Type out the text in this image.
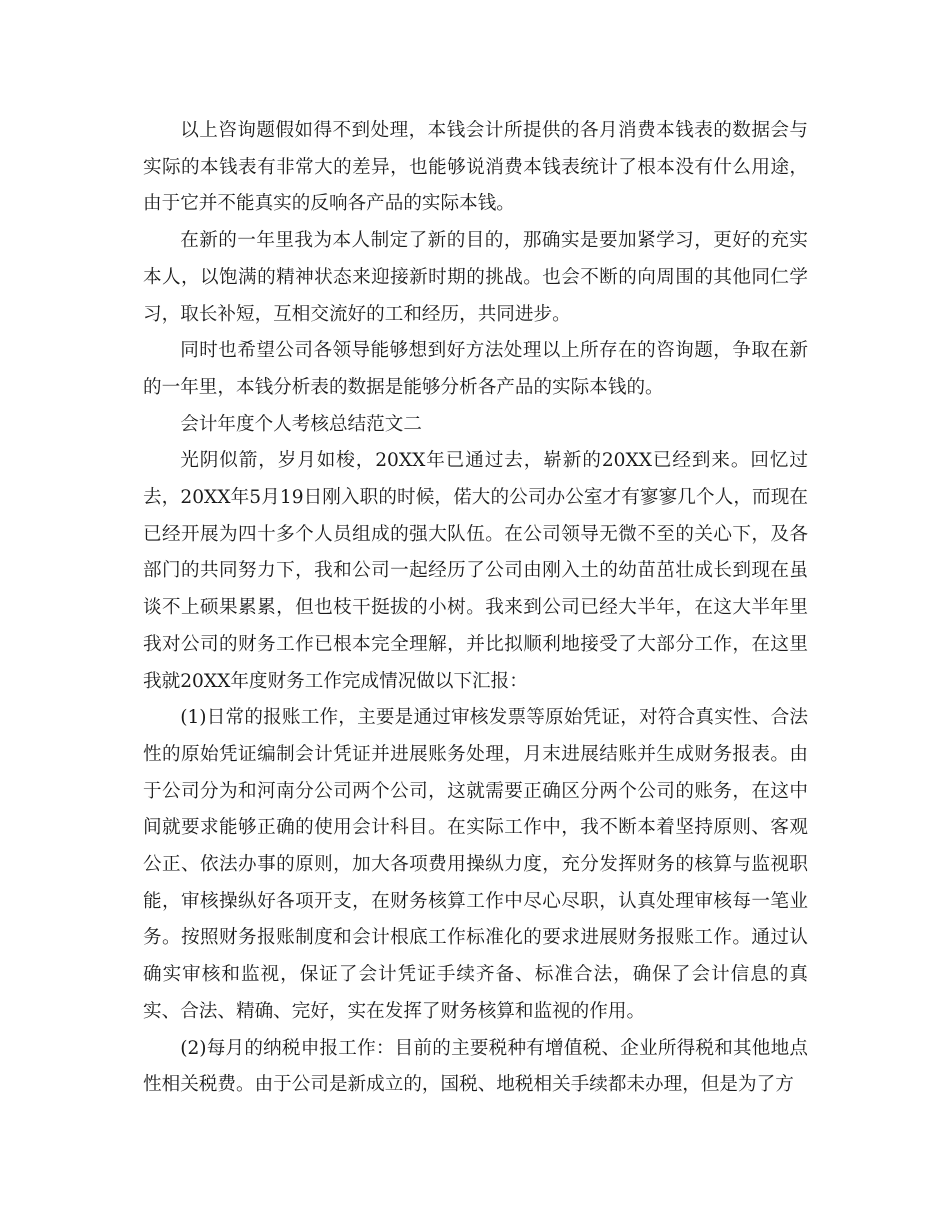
以上咨询题假如得不到处理，本钱会计所提供的各月消费本钱表的数据会与实际的本钱表有非常大的差异，也能够说消费本钱表统计了根本没有什么用途，由于它并不能真实的反响各产品的实际本钱。

在新的一年里我为本人制定了新的目的，那确实是要加紧学习，更好的充实本人，以饱满的精神状态来迎接新时期的挑战。也会不断的向周围的其他同仁学习，取长补短，互相交流好的工和经历，共同进步。

同时也希望公司各领导能够想到好方法处理以上所存在的咨询题，争取在新的一年里，本钱分析表的数据是能够分析各产品的实际本钱的。

会计年度个人考核总结范文二

光阴似箭，岁月如梭，20XX年已通过去，崭新的20XX已经到来。回忆过去，20XX年5月19日刚入职的时候，偌大的公司办公室才有寥寥几个人，而现在已经开展为四十多个人员组成的强大队伍。在公司领导无微不至的关心下，及各部门的共同努力下，我和公司一起经历了公司由刚入土的幼苗茁壮成长到现在虽谈不上硕果累累，但也枝干挺拔的小树。我来到公司已经大半年，在这大半年里我对公司的财务工作已根本完全理解，并比拟顺利地接受了大部分工作，在这里我就20XX年度财务工作完成情况做以下汇报：

(1)日常的报账工作，主要是通过审核发票等原始凭证，对符合真实性、合法性的原始凭证编制会计凭证并进展账务处理，月末进展结账并生成财务报表。由于公司分为和河南分公司两个公司，这就需要正确区分两个公司的账务，在这中间就要求能够正确的使用会计科目。在实际工作中，我不断本着坚持原则、客观公正、依法办事的原则，加大各项费用操纵力度，充分发挥财务的核算与监视职能，审核操纵好各项开支，在财务核算工作中尽心尽职，认真处理审核每一笔业务。按照财务报账制度和会计根底工作标准化的要求进展财务报账工作。通过认确实审核和监视，保证了会计凭证手续齐备、标准合法，确保了会计信息的真实、合法、精确、完好，实在发挥了财务核算和监视的作用。

(2)每月的纳税申报工作：目前的主要税种有增值税、企业所得税和其他地点性相关税费。由于公司是新成立的，国税、地税相关手续都未办理，但是为了方
